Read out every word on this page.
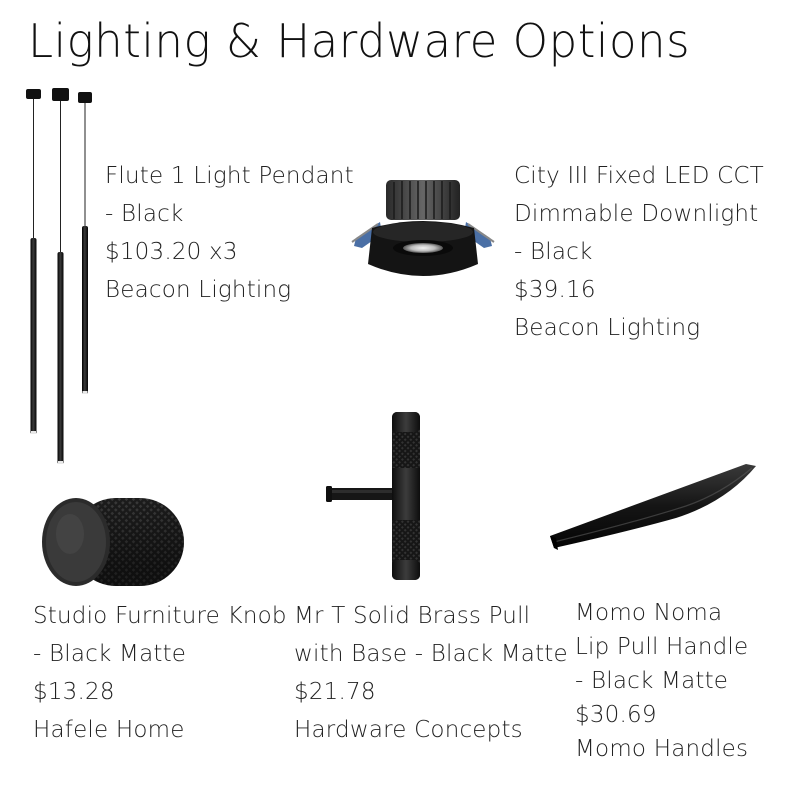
Lighting & Hardware Options
Flute 1 Light Pendant
- Black
$103.20 x3
Beacon Lighting
City III Fixed LED CCT
Dimmable Downlight
- Black
$39.16
Beacon Lighting
Studio Furniture Knob
- Black Matte
$13.28
Hafele Home
Mr T Solid Brass Pull
with Base - Black Matte
$21.78
Hardware Concepts
Momo Noma
Lip Pull Handle
- Black Matte
$30.69
Momo Handles
